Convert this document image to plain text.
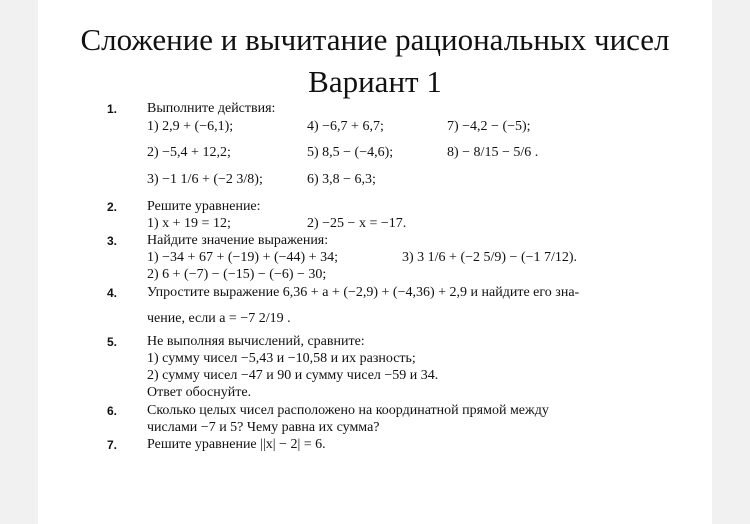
Сложение и вычитание рациональных чисел
Вариант 1
1. Выполните действия:
1) 2,9 + (−6,1);	4) −6,7 + 6,7;	7) −4,2 − (−5);
2) −5,4 + 12,2;	5) 8,5 − (−4,6);	8) − 8/15 − 5/6 .
3) −1 1/6 + (−2 3/8);	6) 3,8 − 6,3;
2. Решите уравнение:
1) x + 19 = 12;	2) −25 − x = −17.
3. Найдите значение выражения:
1) −34 + 67 + (−19) + (−44) + 34;	3) 3 1/6 + (−2 5/9) − (−1 7/12).
2) 6 + (−7) − (−15) − (−6) − 30;
4. Упростите выражение 6,36 + a + (−2,9) + (−4,36) + 2,9 и найдите его зна-
чение, если a = −7 2/19 .
5. Не выполняя вычислений, сравните:
1) сумму чисел −5,43 и −10,58 и их разность;
2) сумму чисел −47 и 90 и сумму чисел −59 и 34.
Ответ обоснуйте.
6. Сколько целых чисел расположено на координатной прямой между
числами −7 и 5? Чему равна их сумма?
7. Решите уравнение ||x| − 2| = 6.
